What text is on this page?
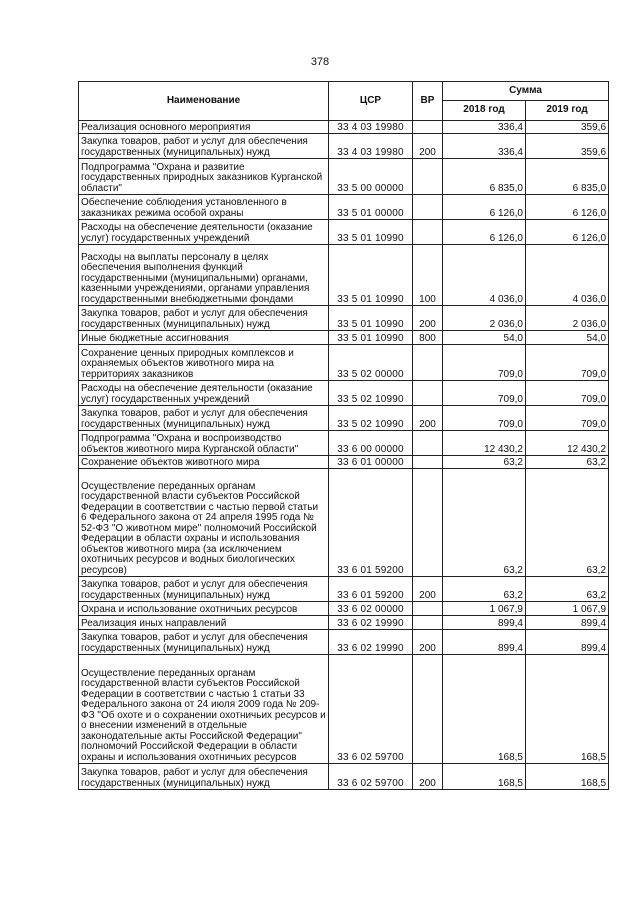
378
Наименование	ЦСР	ВР	Сумма	
			2018 год	2019 год
Реализация основного мероприятия	33 4 03 19980		336,4	359,6
Закупка товаров, работ и услуг для обеспечения государственных (муниципальных) нужд	33 4 03 19980	200	336,4	359,6
Подпрограмма "Охрана и развитие государственных природных заказников Курганской области"	33 5 00 00000		6 835,0	6 835,0
Обеспечение соблюдения установленного в заказниках режима особой охраны	33 5 01 00000		6 126,0	6 126,0
Расходы на обеспечение деятельности (оказание услуг) государственных учреждений	33 5 01 10990		6 126,0	6 126,0
Расходы на выплаты персоналу в целях обеспечения выполнения функций государственными (муниципальными) органами, казенными учреждениями, органами управления государственными внебюджетными фондами	33 5 01 10990	100	4 036,0	4 036,0
Закупка товаров, работ и услуг для обеспечения государственных (муниципальных) нужд	33 5 01 10990	200	2 036,0	2 036,0
Иные бюджетные ассигнования	33 5 01 10990	800	54,0	54,0
Сохранение ценных природных комплексов и охраняемых объектов животного мира на территориях заказников	33 5 02 00000		709,0	709,0
Расходы на обеспечение деятельности (оказание услуг) государственных учреждений	33 5 02 10990		709,0	709,0
Закупка товаров, работ и услуг для обеспечения государственных (муниципальных) нужд	33 5 02 10990	200	709,0	709,0
Подпрограмма "Охрана и воспроизводство объектов животного мира Курганской области"	33 6 00 00000		12 430,2	12 430,2
Сохранение объектов животного мира	33 6 01 00000		63,2	63,2
Осуществление переданных органам государственной власти субъектов Российской Федерации в соответствии с частью первой статьи 6 Федерального закона от 24 апреля 1995 года № 52-ФЗ "О животном мире" полномочий Российской Федерации в области охраны и использования объектов животного мира (за исключением охотничьих ресурсов и водных биологических ресурсов)	33 6 01 59200		63,2	63,2
Закупка товаров, работ и услуг для обеспечения государственных (муниципальных) нужд	33 6 01 59200	200	63,2	63,2
Охрана и использование охотничьих ресурсов	33 6 02 00000		1 067,9	1 067,9
Реализация иных направлений	33 6 02 19990		899,4	899,4
Закупка товаров, работ и услуг для обеспечения государственных (муниципальных) нужд	33 6 02 19990	200	899,4	899,4
Осуществление переданных органам государственной власти субъектов Российской Федерации в соответствии с частью 1 статьи 33 Федерального закона от 24 июля 2009 года № 209-ФЗ "Об охоте и о сохранении охотничьих ресурсов и о внесении изменений в отдельные законодательные акты Российской Федерации" полномочий Российской Федерации в области охраны и использования охотничьих ресурсов	33 6 02 59700		168,5	168,5
Закупка товаров, работ и услуг для обеспечения государственных (муниципальных) нужд	33 6 02 59700	200	168,5	168,5
